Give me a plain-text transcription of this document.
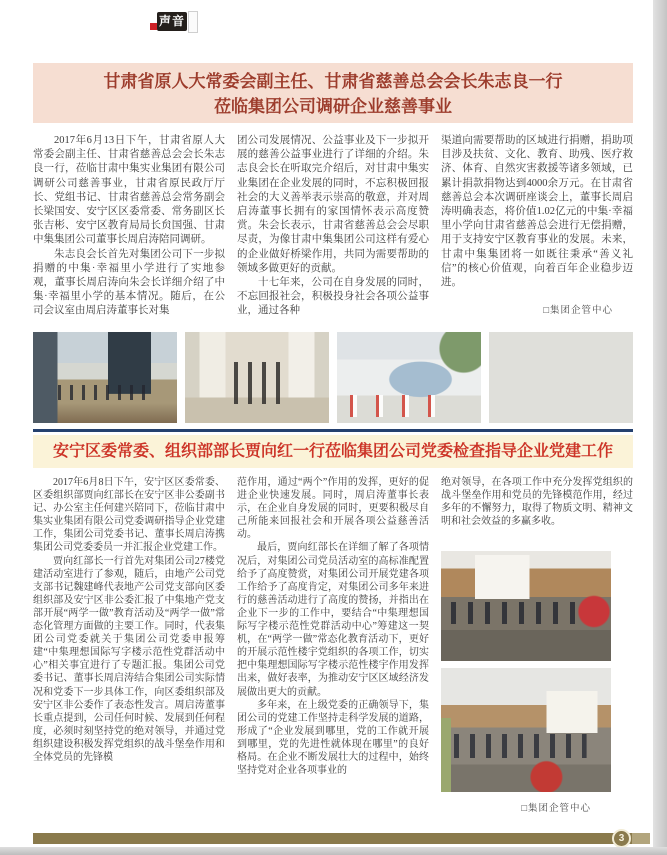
声音
甘肃省原人大常委会副主任、甘肃省慈善总会会长朱志良一行
莅临集团公司调研企业慈善事业

2017年6月13日下午，甘肃省原人大常委会副主任、甘肃省慈善总会会长朱志良一行，莅临甘肃中集实业集团有限公司调研公司慈善事业，甘肃省原民政厅厅长、党组书记、甘肃省慈善总会常务副会长梁国安、安宁区区委常委、常务副区长张吉彬、安宁区教育局局长贠国强、甘肃中集集团公司董事长周启涛陪同调研。

朱志良会长首先对集团公司下一步拟捐赠的中集·幸福里小学进行了实地参观，董事长周启涛向朱会长详细介绍了中集·幸福里小学的基本情况。随后，在公司会议室由周启涛董事长对集

团公司发展情况、公益事业及下一步拟开展的慈善公益事业进行了详细的介绍。朱志良会长在听取完介绍后，对甘肃中集实业集团在企业发展的同时，不忘积极回报社会的大义善举表示崇高的敬意，并对周启涛董事长拥有的家国情怀表示高度赞赏。朱会长表示，甘肃省慈善总会会尽职尽责，为像甘肃中集集团公司这样有爱心的企业做好桥梁作用，共同为需要帮助的领域多做更好的贡献。

十七年来，公司在自身发展的同时，不忘回报社会，积极投身社会各项公益事业，通过各种

渠道向需要帮助的区域进行捐赠，捐助项目涉及扶贫、文化、教育、助残、医疗救济、体育、自然灾害救援等诸多领域，已累计捐款捐物达到4000余万元。在甘肃省慈善总会本次调研座谈会上，董事长周启涛明确表态，将价值1.02亿元的中集·幸福里小学向甘肃省慈善总会进行无偿捐赠，用于支持安宁区教育事业的发展。未来，甘肃中集集团将一如既往秉承“善义礼信”的核心价值观，向着百年企业稳步迈进。

□集团企管中心
安宁区委常委、组织部部长贾向红一行莅临集团公司党委检查指导企业党建工作

2017年6月8日下午，安宁区区委常委、区委组织部贾向红部长在安宁区非公委副书记、办公室主任何建兴陪同下，莅临甘肃中集实业集团有限公司党委调研指导企业党建工作，集团公司党委书记、董事长周启涛携集团公司党委委员一并汇报企业党建工作。

贾向红部长一行首先对集团公司27楼党建活动室进行了参观，随后，由地产公司党支部书记魏建峰代表地产公司党支部向区委组织部及安宁区非公委汇报了中集地产党支部开展“两学一做”教育活动及“两学一做”常态化管理方面做的主要工作。同时，代表集团公司党委就关于集团公司党委申报筹建“中集理想国际写字楼示范性党群活动中心”相关事宜进行了专题汇报。集团公司党委书记、董事长周启涛结合集团公司实际情况和党委下一步具体工作，向区委组织部及安宁区非公委作了表态性发言。周启涛董事长重点提到，公司任何时候、发展到任何程度，必须时刻坚持党的绝对领导，并通过党组织建设积极发挥党组织的战斗堡垒作用和全体党员的先锋模

范作用，通过“两个”作用的发挥，更好的促进企业快速发展。同时，周启涛董事长表示，在企业自身发展的同时，更要积极尽自己所能来回报社会和开展各项公益慈善活动。

最后，贾向红部长在详细了解了各项情况后，对集团公司党员活动室的高标准配置给予了高度赞赏，对集团公司开展党建各项工作给予了高度肯定，对集团公司多年来进行的慈善活动进行了高度的赞扬，并指出在企业下一步的工作中，要结合“中集理想国际写字楼示范性党群活动中心”筹建这一契机，在“两学一做”常态化教育活动下，更好的开展示范性楼宇党组织的各项工作，切实把中集理想国际写字楼示范性楼宇作用发挥出来，做好表率，为推动安宁区区域经济发展做出更大的贡献。

多年来，在上级党委的正确领导下，集团公司的党建工作坚持走科学发展的道路，形成了“企业发展到哪里，党的工作就开展到哪里，党的先进性就体现在哪里”的良好格局。在企业不断发展壮大的过程中，始终坚持党对企业各项事业的

绝对领导，在各项工作中充分发挥党组织的战斗堡垒作用和党员的先锋模范作用，经过多年的不懈努力，取得了物质文明、精神文明和社会效益的多赢多收。

□集团企管中心
3
